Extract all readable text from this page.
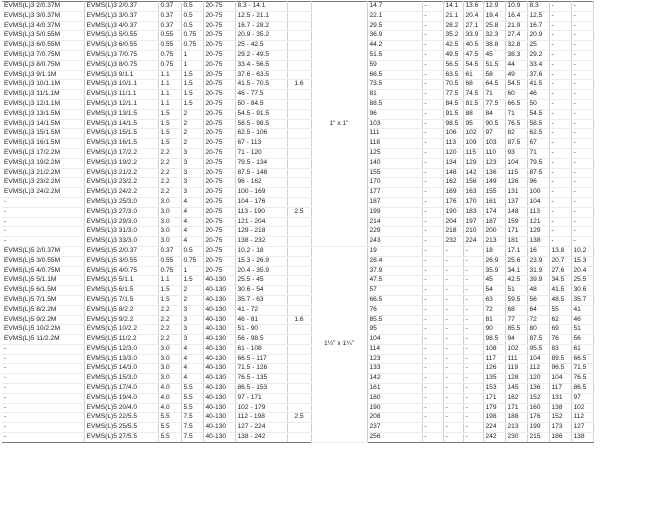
EVMS(L)3 2/0.37M	EVMS(L)3 2/0.37	0.37	0.5	20-75	8.3 - 14.1		1" x 1"	14.7	-	14.1	13.6	12.9	10.9	8.3	-	-
EVMS(L)3 3/0.37M	EVMS(L)3 3/0.37	0.37	0.5	20-75	12.5 - 21.1			22.1	-	21.1	20.4	19.4	16.4	12.5	-	-
EVMS(L)3 4/0.37M	EVMS(L)3 4/0.37	0.37	0.5	20-75	16.7 - 28.2			29.5	-	28.2	27.1	25.8	21.9	16.7	-	-
EVMS(L)3 5/0.55M	EVMS(L)3 5/0.55	0.55	0.75	20-75	20.9 - 35.2			36.9	-	35.2	33.9	32.3	27.4	20.9	-	-
EVMS(L)3 6/0.55M	EVMS(L)3 6/0.55	0.55	0.75	20-75	25 - 42.5			44.2	-	42.5	40.5	38.8	32.8	25	-	-
EVMS(L)3 7/0.75M	EVMS(L)3 7/0.75	0.75	1	20-75	29.2 - 49.5			51.5	-	49.5	47.5	45	38.3	29.2	-	-
EVMS(L)3 8/0.75M	EVMS(L)3 8/0.75	0.75	1	20-75	33.4 - 56.5			59	-	56.5	54.5	51.5	44	33.4	-	-
EVMS(L)3 9/1.1M	EVMS(L)3 9/1.1	1.1	1.5	20-75	37.6 - 63.5			66.5	-	63.5	61	58	49	37.6	-	-
EVMS(L)3 10/1.1M	EVMS(L)3 10/1.1	1.1	1.5	20-75	41.5 - 70.5	1.6		73.5	-	70.5	68	64.5	54.5	41.5	-	-
EVMS(L)3 11/1.1M	EVMS(L)3 11/1.1	1.1	1.5	20-75	46 - 77.5			81	-	77.5	74.5	71	60	46	-	-
EVMS(L)3 12/1.1M	EVMS(L)3 12/1.1	1.1	1.5	20-75	50 - 84.5			88.5	-	84.5	81.5	77.5	66.5	50	-	-
EVMS(L)3 13/1.5M	EVMS(L)3 13/1.5	1.5	2	20-75	54.5 - 91.5			96	-	91.5	88	84	71	54.5	-	-
EVMS(L)3 14/1.5M	EVMS(L)3 14/1.5	1.5	2	20-75	58.5 - 98.5			103	-	98.5	95	90.5	76.5	58.5	-	-
EVMS(L)3 15/1.5M	EVMS(L)3 15/1.5	1.5	2	20-75	62.5 - 106			111	-	106	102	97	82	62.5	-	-
EVMS(L)3 16/1.5M	EVMS(L)3 16/1.5	1.5	2	20-75	67 - 113			118	-	113	109	103	87.5	67	-	-
EVMS(L)3 17/2.2M	EVMS(L)3 17/2.2	2.2	3	20-75	71 - 120			125	-	120	115	110	93	71	-	-
EVMS(L)3 19/2.2M	EVMS(L)3 19/2.2	2.2	3	20-75	79.5 - 134			140	-	134	129	123	104	79.5	-	-
EVMS(L)3 21/2.2M	EVMS(L)3 21/2.2	2.2	3	20-75	87.5 - 148			155	-	148	142	136	115	87.5	-	-
EVMS(L)3 23/2.2M	EVMS(L)3 23/2.2	2.2	3	20-75	96 - 162			170	-	162	156	149	126	96	-	-
EVMS(L)3 24/2.2M	EVMS(L)3 24/2.2	2.2	3	20-75	100 - 169			177	-	169	163	155	131	100	-	-
-	EVMS(L)3 25/3.0	3.0	4	20-75	104 - 176			187	-	176	170	161	137	104	-	-
-	EVMS(L)3 27/3.0	3.0	4	20-75	113 - 190	2.5		199	-	190	183	174	148	113	-	-
-	EVMS(L)3 29/3.0	3.0	4	20-75	121 - 204			214	-	204	197	187	159	121	-	-
-	EVMS(L)3 31/3.0	3.0	4	20-75	129 - 218			229	-	218	210	200	171	129	-	-
-	EVMS(L)3 33/3.0	3.0	4	20-75	138 - 232			243	-	232	224	213	181	138	-	-
EVMS(L)5 2/0.37M	EVMS(L)5 2/0.37	0.37	0.5	20-75	10.2 - 18		1¼" x 1¼"	19	-	-	-	18	17.1	16	13.8	10.2
EVMS(L)5 3/0.55M	EVMS(L)5 3/0.55	0.55	0.75	20-75	15.3 - 26.9			28.4	-	-	-	26.9	25.6	23.9	20.7	15.3
EVMS(L)5 4/0.75M	EVMS(L)5 4/0.75	0.75	1	20-75	20.4 - 35.9			37.9	-	-	-	35.9	34.1	31.9	27.6	20.4
EVMS(L)5 5/1.1M	EVMS(L)5 5/1.1	1.1	1.5	40-130	25.5 - 45			47.5	-	-	-	45	42.5	39.9	34.5	25.5
EVMS(L)5 6/1.5M	EVMS(L)5 6/1.5	1.5	2	40-130	30.6 - 54			57	-	-	-	54	51	48	41.5	30.6
EVMS(L)5 7/1.5M	EVMS(L)5 7/1.5	1.5	2	40-130	35.7 - 63			66.5	-	-	-	63	59.5	56	48.5	35.7
EVMS(L)5 8/2.2M	EVMS(L)5 8/2.2	2.2	3	40-130	41 - 72			76	-	-	-	72	68	64	55	41
EVMS(L)5 9/2.2M	EVMS(L)5 9/2.2	2.2	3	40-130	46 - 81	1.6		85.5	-	-	-	81	77	72	62	46
EVMS(L)5 10/2.2M	EVMS(L)5 10/2.2	2.2	3	40-130	51 - 90			95	-	-	-	90	85.5	80	69	51
EVMS(L)5 11/2.2M	EVMS(L)5 11/2.2	2.2	3	40-130	56 - 98.5			104	-	-	-	98.5	94	87.5	76	56
-	EVMS(L)5 12/3.0	3.0	4	40-130	61 - 108			114	-	-	-	108	102	95.5	83	61
-	EVMS(L)5 13/3.0	3.0	4	40-130	66.5 - 117			123	-	-	-	117	111	104	89.5	66.5
-	EVMS(L)5 14/3.0	3.0	4	40-130	71.5 - 126			133	-	-	-	126	119	112	96.5	71.5
-	EVMS(L)5 15/3.0	3.0	4	40-130	76.5 - 135			142	-	-	-	135	128	120	104	76.5
-	EVMS(L)5 17/4.0	4.0	5.5	40-130	86.5 - 153			161	-	-	-	153	145	136	117	86.5
-	EVMS(L)5 19/4.0	4.0	5.5	40-130	97 - 171			180	-	-	-	171	162	152	131	97
-	EVMS(L)5 20/4.0	4.0	5.5	40-130	102 - 179			190	-	-	-	179	171	160	138	102
-	EVMS(L)5 22/5.5	5.5	7.5	40-130	112 - 198	2.5		208	-	-	-	198	188	176	152	112
-	EVMS(L)5 25/5.5	5.5	7.5	40-130	127 - 224			237	-	-	-	224	213	199	173	127
-	EVMS(L)5 27/5.5	5.5	7.5	40-130	138 - 242			256	-	-	-	242	230	215	186	138
